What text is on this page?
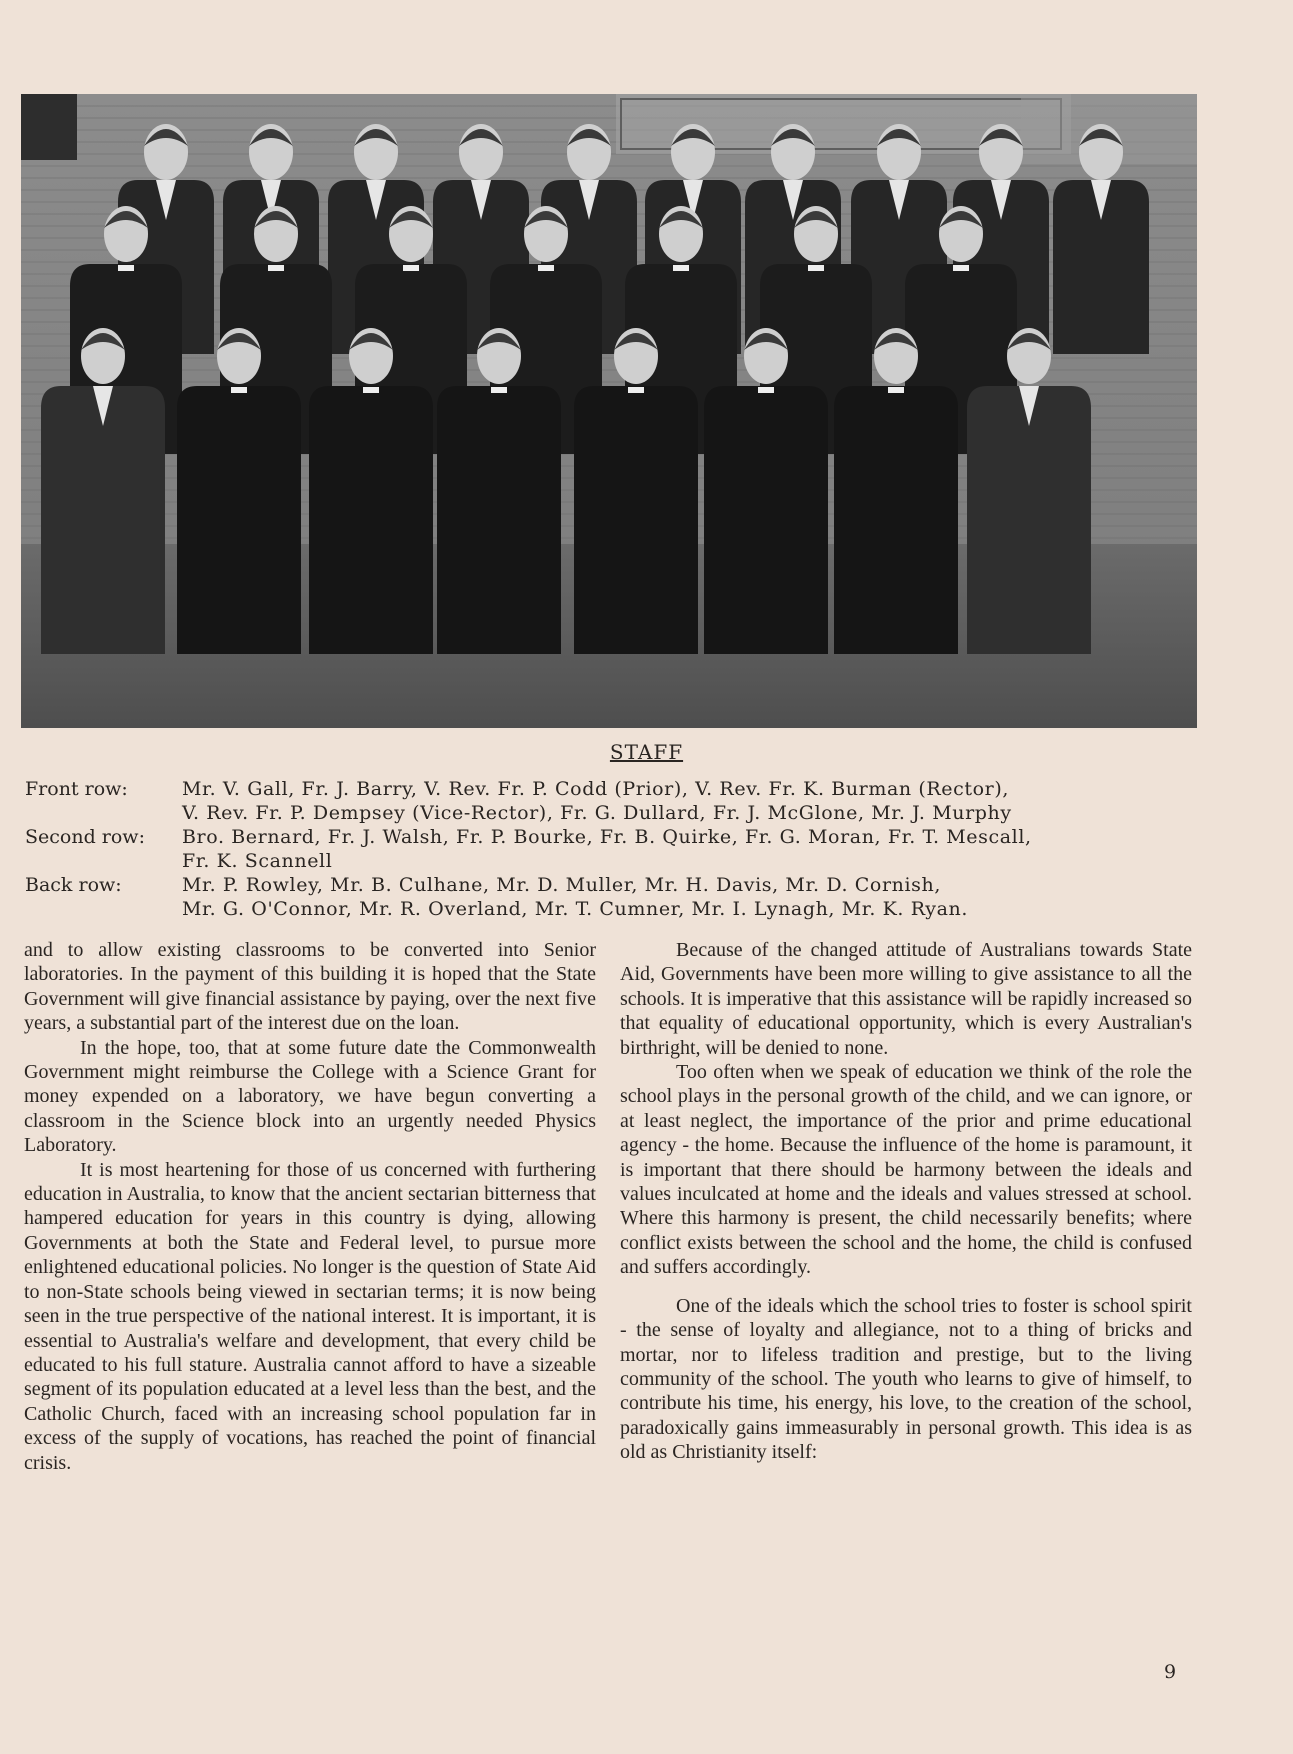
STAFF
Front row:	Mr. V. Gall, Fr. J. Barry, V. Rev. Fr. P. Codd (Prior), V. Rev. Fr. K. Burman (Rector),
V. Rev. Fr. P. Dempsey (Vice-Rector), Fr. G. Dullard, Fr. J. McGlone, Mr. J. Murphy
Second row:	Bro. Bernard, Fr. J. Walsh, Fr. P. Bourke, Fr. B. Quirke, Fr. G. Moran, Fr. T. Mescall,
Fr. K. Scannell
Back row:	Mr. P. Rowley, Mr. B. Culhane, Mr. D. Muller, Mr. H. Davis, Mr. D. Cornish,
Mr. G. O'Connor, Mr. R. Overland, Mr. T. Cumner, Mr. I. Lynagh, Mr. K. Ryan.

and to allow existing classrooms to be converted into Senior laboratories. In the payment of this building it is hoped that the State Government will give financial assistance by paying, over the next five years, a substantial part of the interest due on the loan.

In the hope, too, that at some future date the Commonwealth Government might reimburse the College with a Science Grant for money expended on a laboratory, we have begun converting a classroom in the Science block into an urgently needed Physics Laboratory.

It is most heartening for those of us concerned with furthering education in Australia, to know that the ancient sectarian bitterness that hampered education for years in this country is dying, allowing Governments at both the State and Federal level, to pursue more enlightened educational policies. No longer is the question of State Aid to non-State schools being viewed in sectarian terms; it is now being seen in the true perspective of the national interest. It is important, it is essential to Australia's welfare and development, that every child be educated to his full stature. Australia cannot afford to have a sizeable segment of its population educated at a level less than the best, and the Catholic Church, faced with an increasing school population far in excess of the supply of vocations, has reached the point of financial crisis.

Because of the changed attitude of Australians towards State Aid, Governments have been more willing to give assistance to all the schools. It is imperative that this assistance will be rapidly increased so that equality of educational opportunity, which is every Australian's birthright, will be denied to none.

Too often when we speak of education we think of the role the school plays in the personal growth of the child, and we can ignore, or at least neglect, the importance of the prior and prime educational agency - the home. Because the influence of the home is paramount, it is important that there should be harmony between the ideals and values inculcated at home and the ideals and values stressed at school. Where this harmony is present, the child necessarily benefits; where conflict exists between the school and the home, the child is confused and suffers accordingly.

One of the ideals which the school tries to foster is school spirit - the sense of loyalty and allegiance, not to a thing of bricks and mortar, nor to lifeless tradition and prestige, but to the living community of the school. The youth who learns to give of himself, to contribute his time, his energy, his love, to the creation of the school, paradoxically gains immeasurably in personal growth. This idea is as old as Christianity itself:

9
